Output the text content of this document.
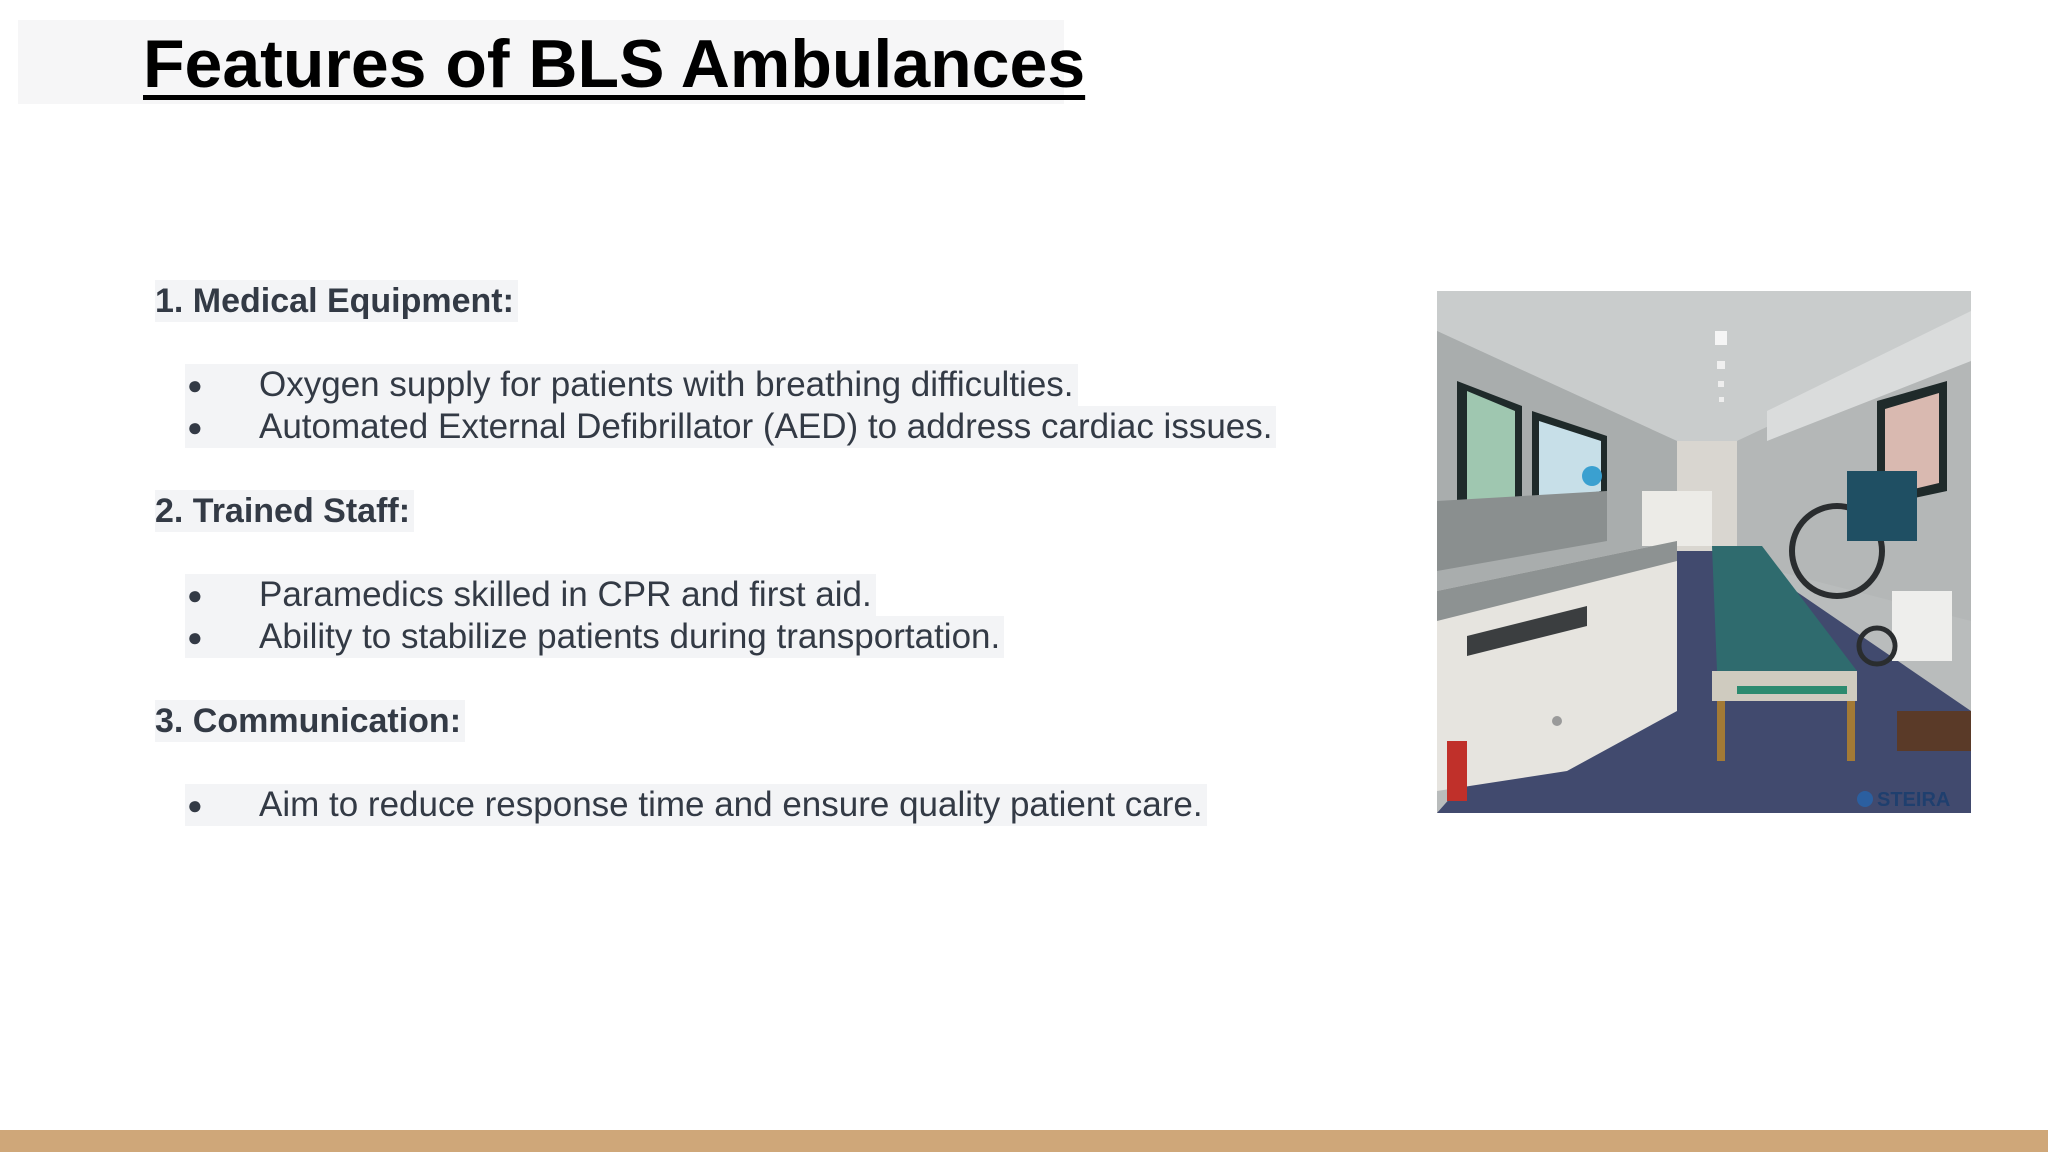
Features of BLS Ambulances

1. Medical Equipment:

●	Oxygen supply for patients with breathing difficulties.
●	Automated External Defibrillator (AED) to address cardiac issues.

2. Trained Staff:

●	Paramedics skilled in CPR and first aid.
●	Ability to stabilize patients during transportation.

3. Communication:

●	Aim to reduce response time and ensure quality patient care.	STEIRA
